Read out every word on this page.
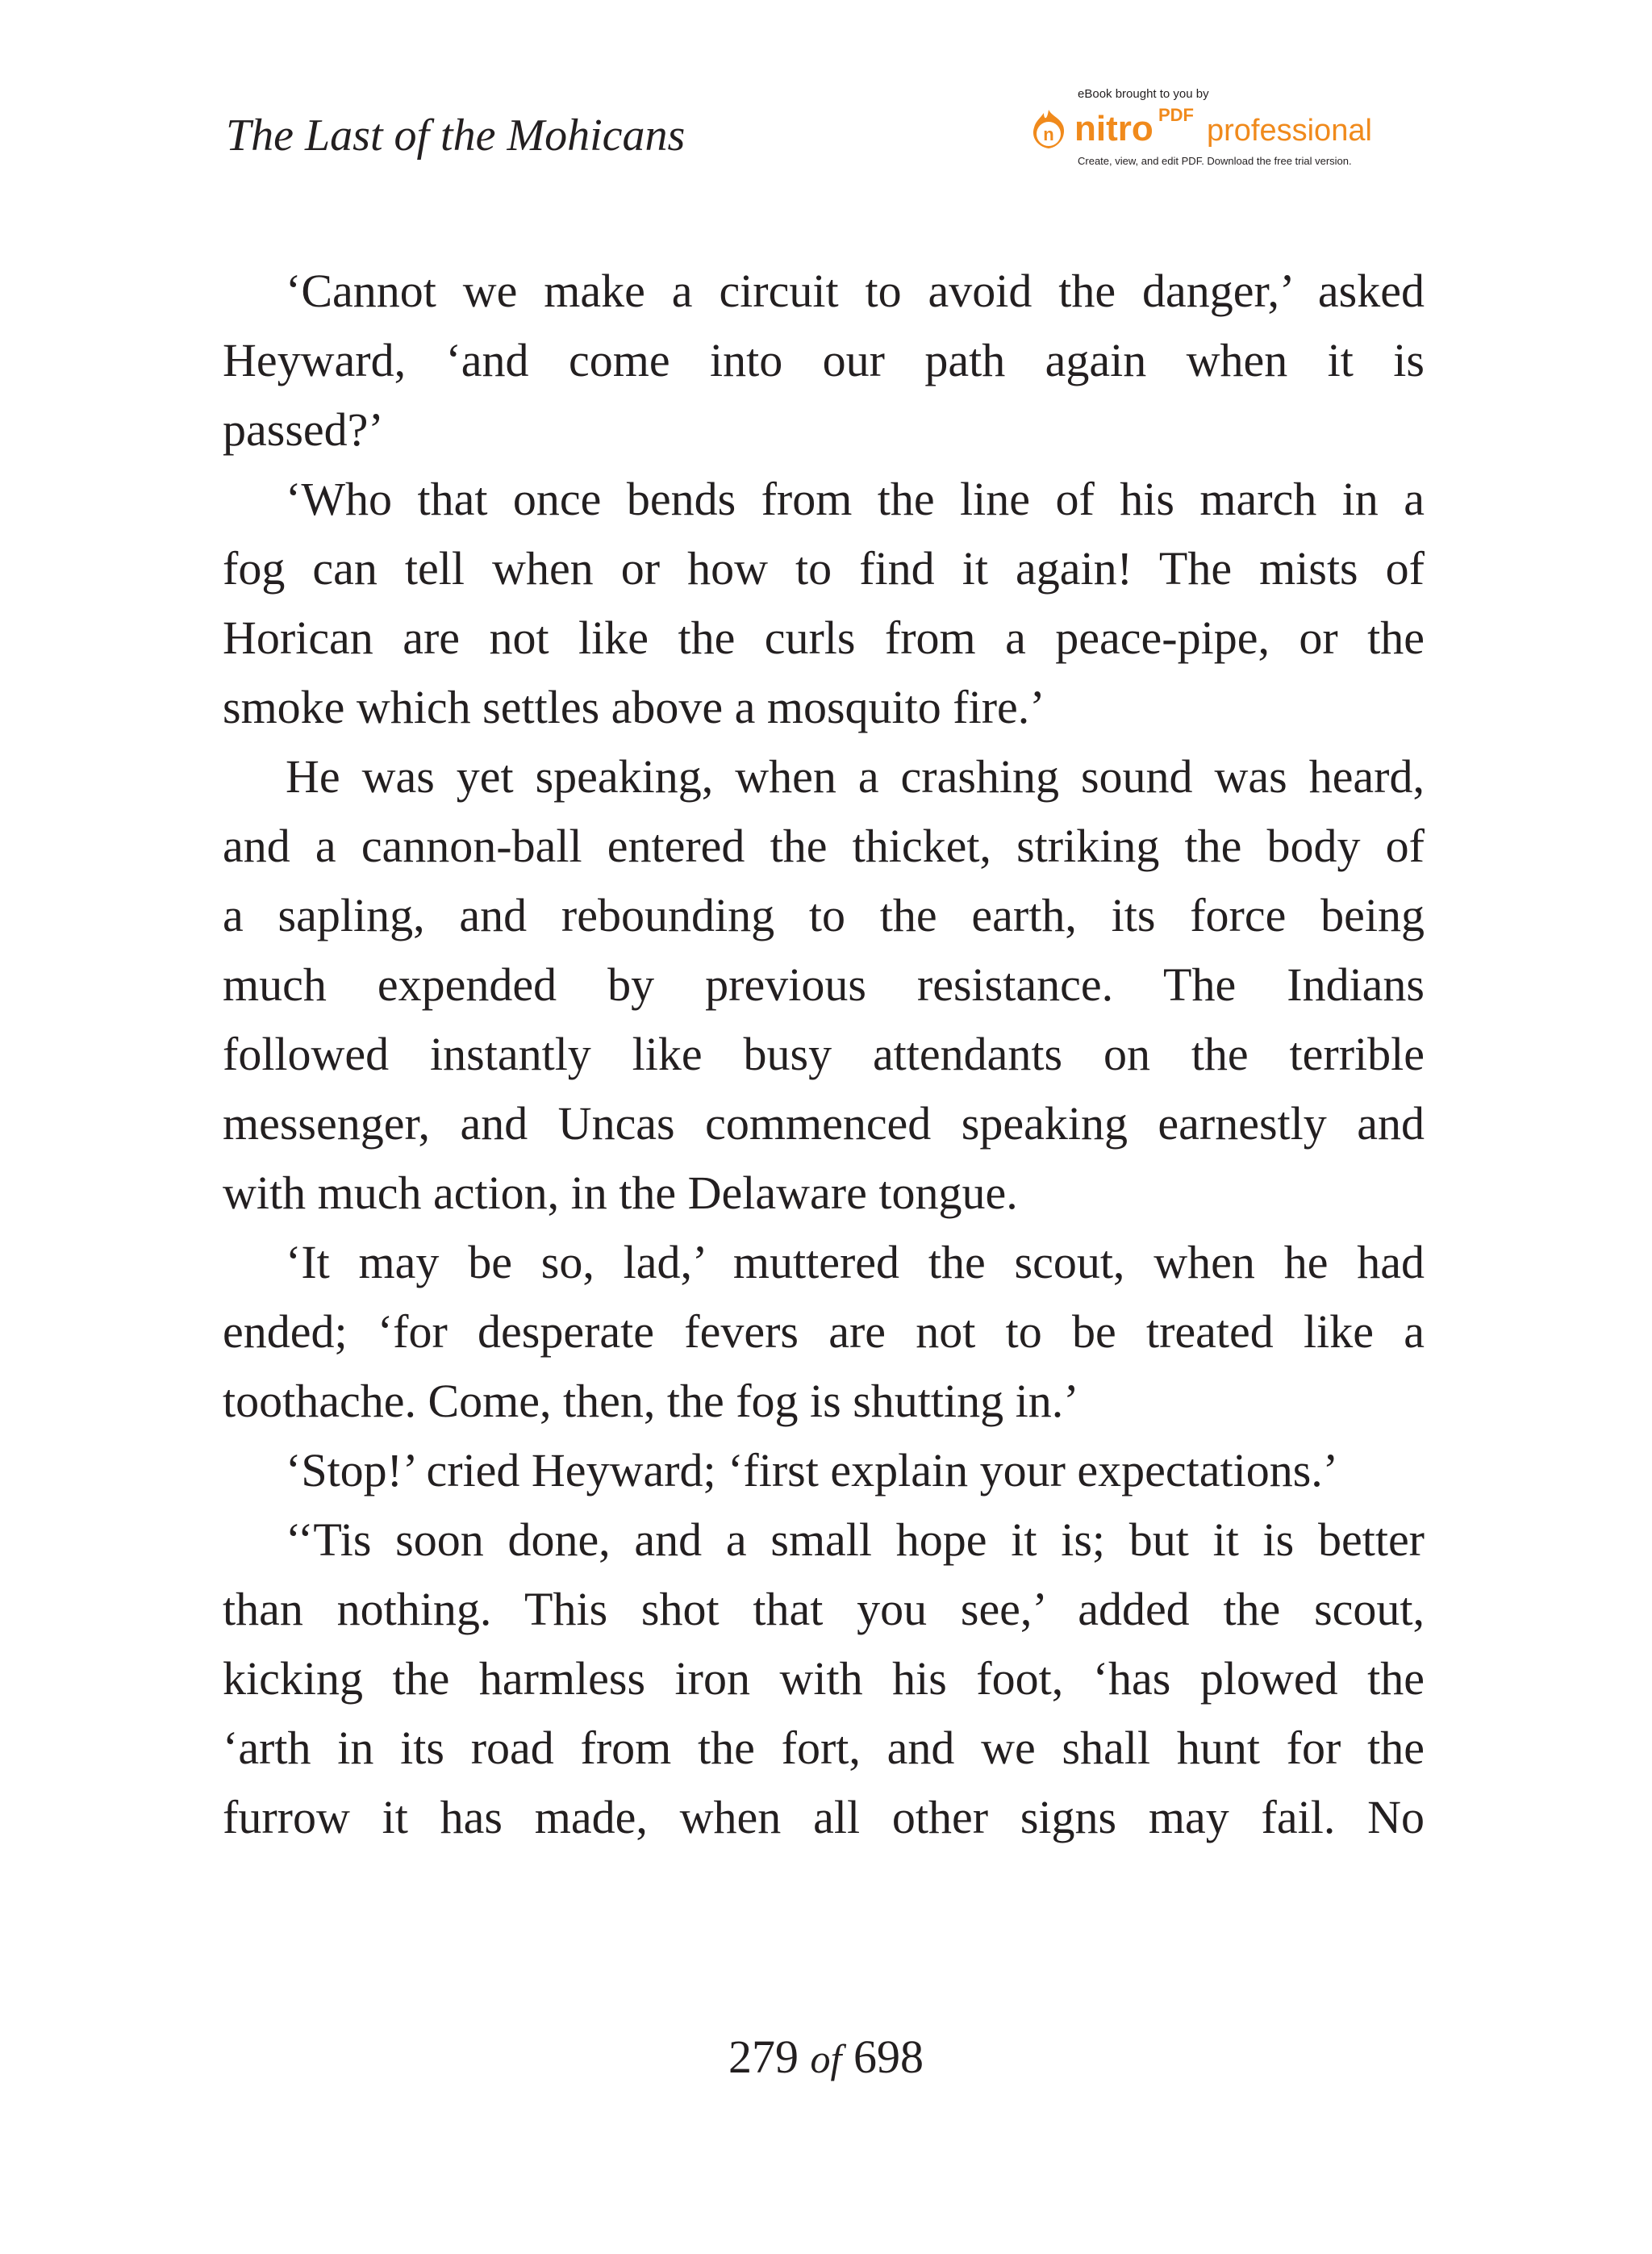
The Last of the Mohicans
eBook brought to you by
n nitro PDF professional
Create, view, and edit PDF. Download the free trial version.
‘Cannot we make a circuit to avoid the danger,’ asked
Heyward, ‘and come into our path again when it is
passed?’
‘Who that once bends from the line of his march in a
fog can tell when or how to find it again! The mists of
Horican are not like the curls from a peace-pipe, or the
smoke which settles above a mosquito fire.’
He was yet speaking, when a crashing sound was heard,
and a cannon-ball entered the thicket, striking the body of
a sapling, and rebounding to the earth, its force being
much expended by previous resistance. The Indians
followed instantly like busy attendants on the terrible
messenger, and Uncas commenced speaking earnestly and
with much action, in the Delaware tongue.
‘It may be so, lad,’ muttered the scout, when he had
ended; ‘for desperate fevers are not to be treated like a
toothache. Come, then, the fog is shutting in.’
‘Stop!’ cried Heyward; ‘first explain your expectations.’
‘‘Tis soon done, and a small hope it is; but it is better
than nothing. This shot that you see,’ added the scout,
kicking the harmless iron with his foot, ‘has plowed the
‘arth in its road from the fort, and we shall hunt for the
furrow it has made, when all other signs may fail. No
279 of 698
